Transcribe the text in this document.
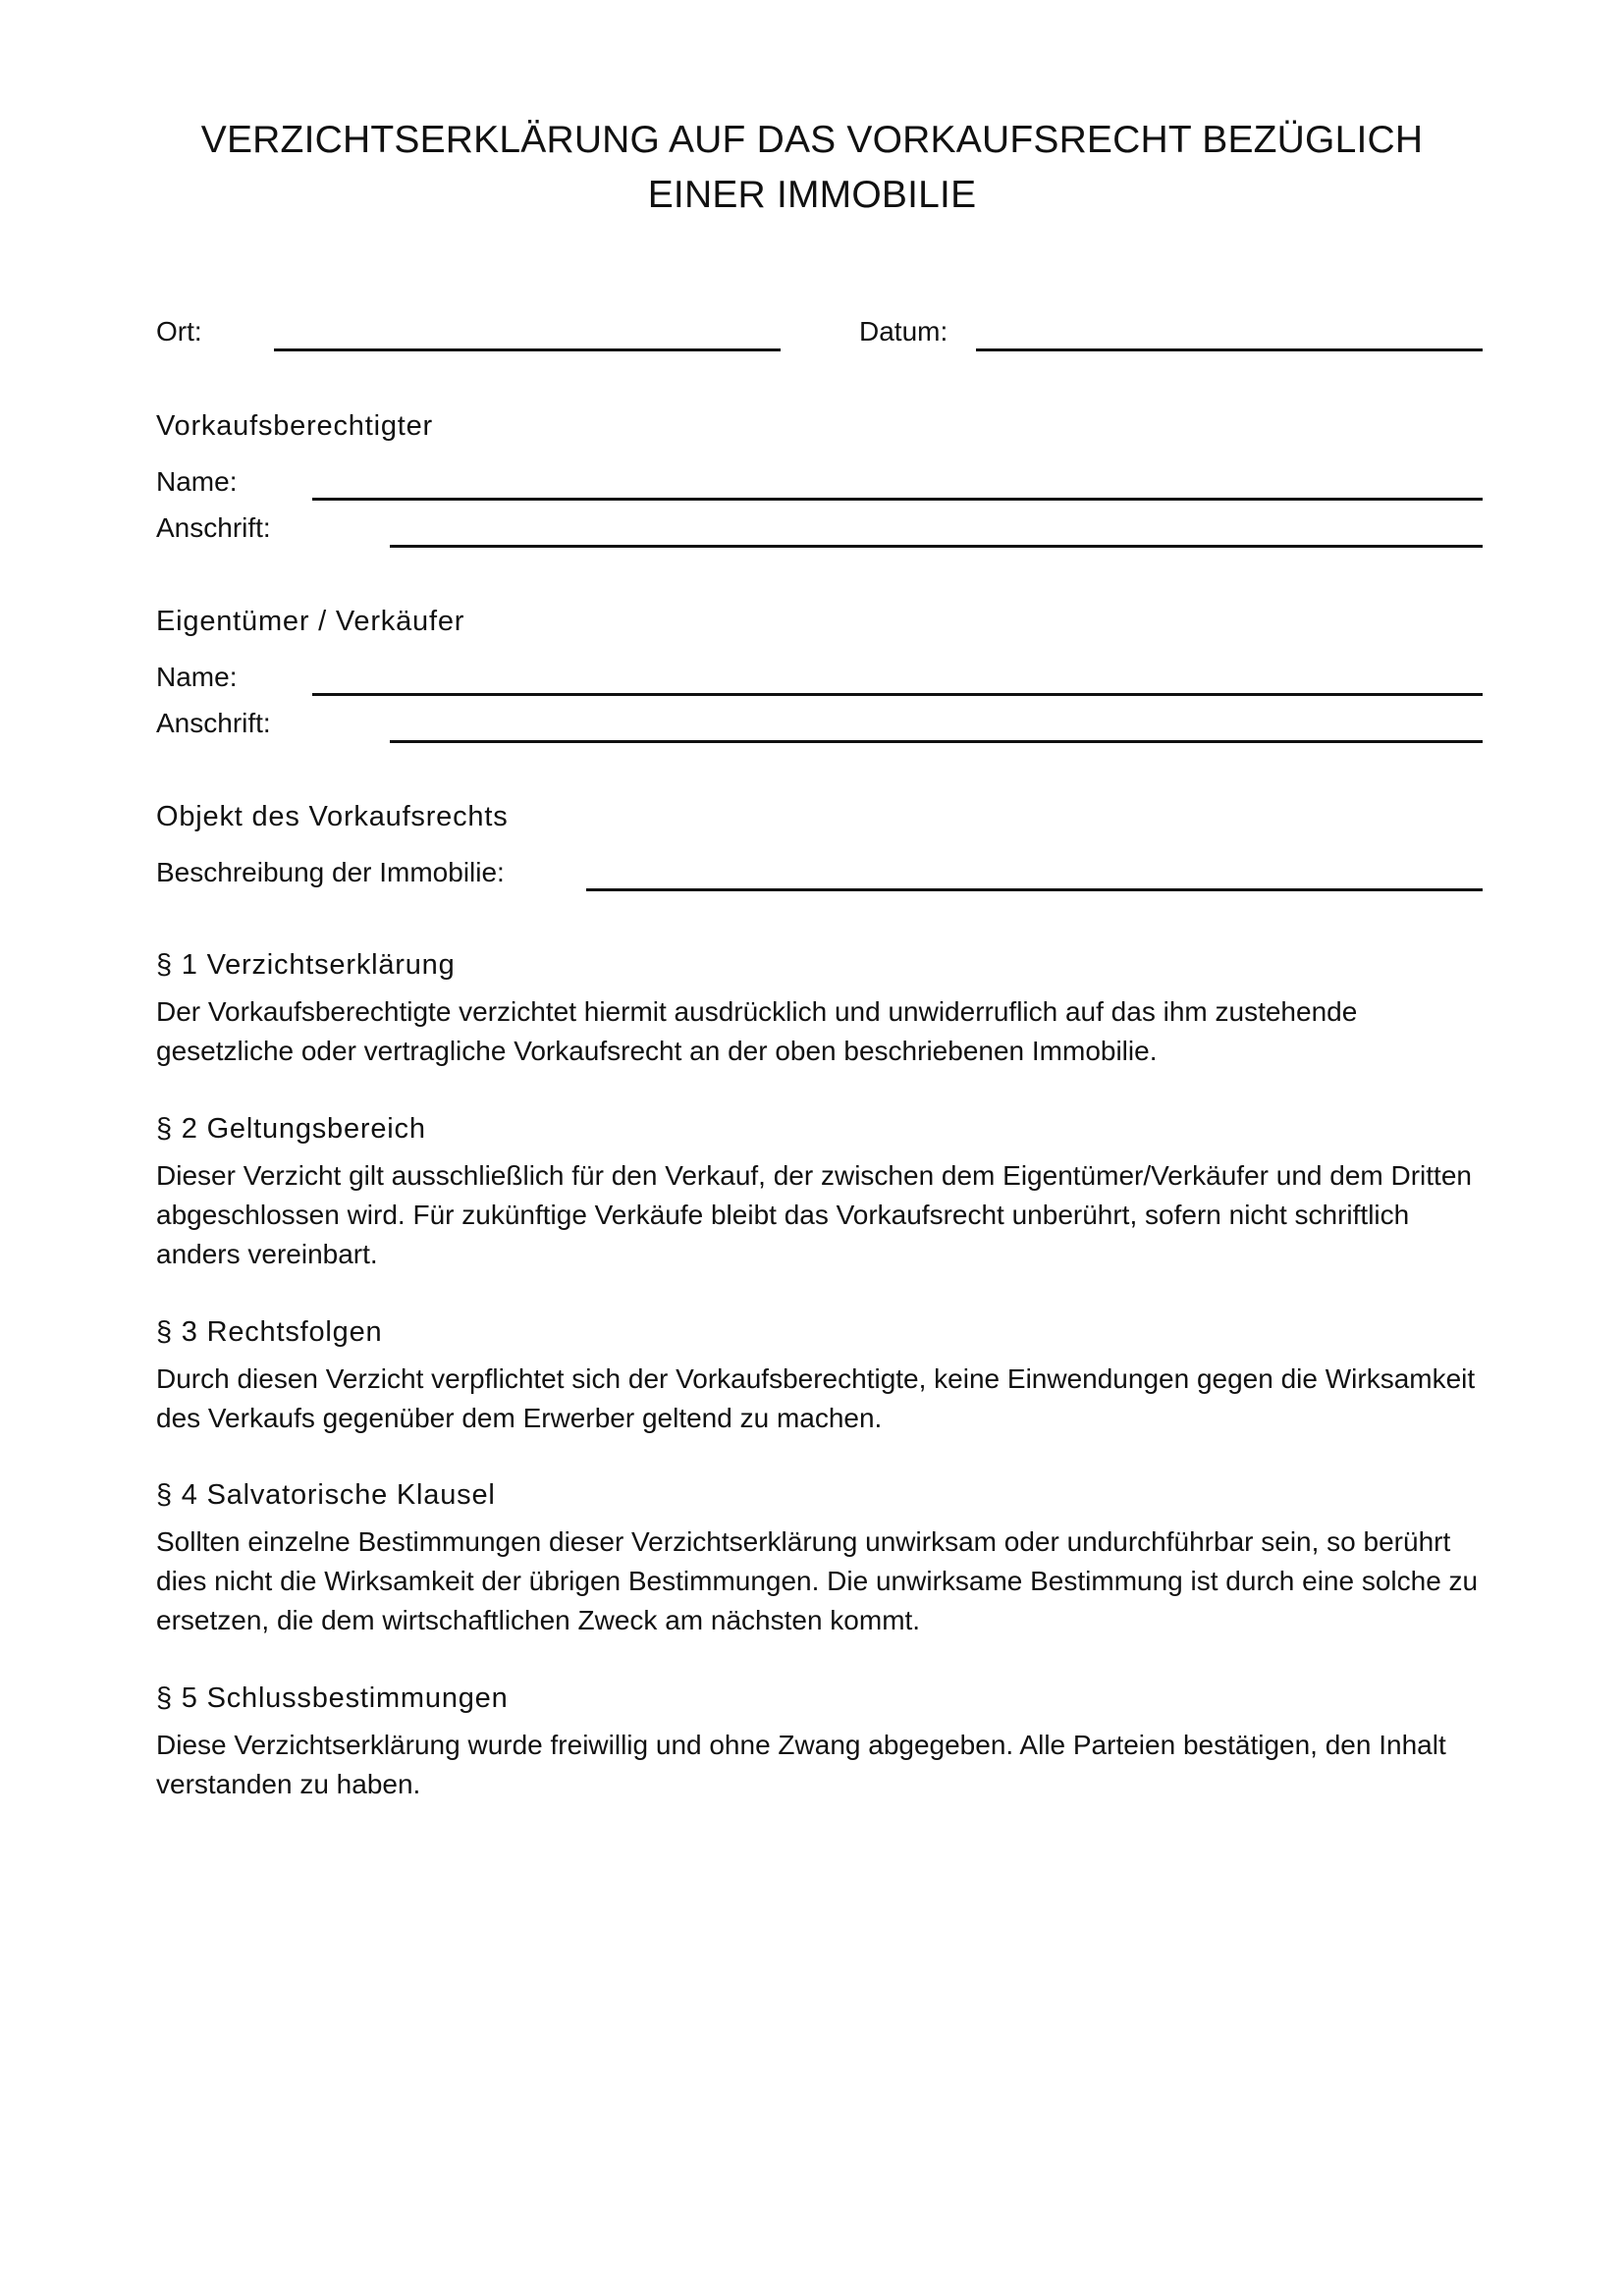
VERZICHTSERKLÄRUNG AUF DAS VORKAUFSRECHT BEZÜGLICH
EINER IMMOBILIE
Ort:	Datum:
Vorkaufsberechtigter
Name:
Anschrift:
Eigentümer / Verkäufer
Name:
Anschrift:
Objekt des Vorkaufsrechts
Beschreibung der Immobilie:
§ 1 Verzichtserklärung

Der Vorkaufsberechtigte verzichtet hiermit ausdrücklich und unwiderruflich auf das ihm zustehende gesetzliche oder vertragliche Vorkaufsrecht an der oben beschriebenen Immobilie.

§ 2 Geltungsbereich

Dieser Verzicht gilt ausschließlich für den Verkauf, der zwischen dem Eigentümer/Verkäufer und dem Dritten abgeschlossen wird. Für zukünftige Verkäufe bleibt das Vorkaufsrecht unberührt, sofern nicht schriftlich anders vereinbart.

§ 3 Rechtsfolgen

Durch diesen Verzicht verpflichtet sich der Vorkaufsberechtigte, keine Einwendungen gegen die Wirksamkeit des Verkaufs gegenüber dem Erwerber geltend zu machen.

§ 4 Salvatorische Klausel

Sollten einzelne Bestimmungen dieser Verzichtserklärung unwirksam oder undurchführbar sein, so berührt dies nicht die Wirksamkeit der übrigen Bestimmungen. Die unwirksame Bestimmung ist durch eine solche zu ersetzen, die dem wirtschaftlichen Zweck am nächsten kommt.

§ 5 Schlussbestimmungen

Diese Verzichtserklärung wurde freiwillig und ohne Zwang abgegeben. Alle Parteien bestätigen, den Inhalt verstanden zu haben.
